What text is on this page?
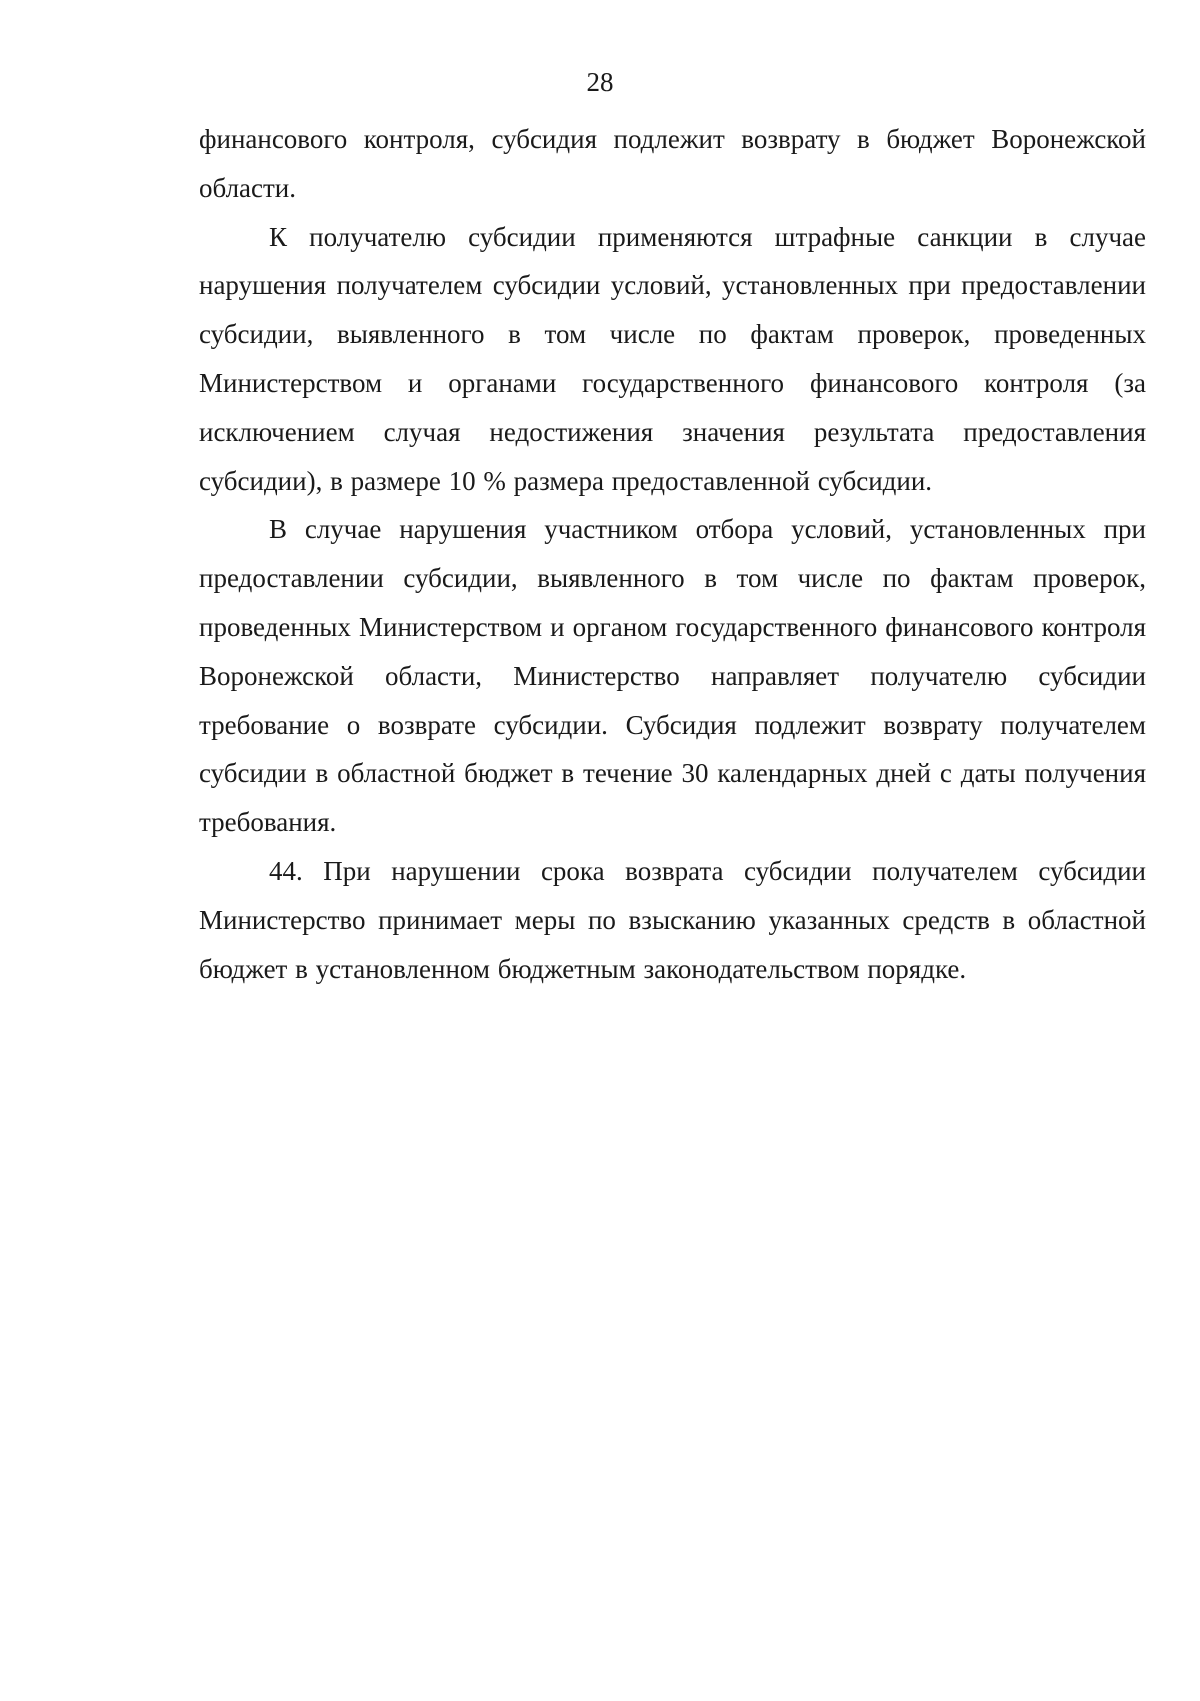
28

финансового контроля, субсидия подлежит возврату в бюджет Воронежской области.

К получателю субсидии применяются штрафные санкции в случае нарушения получателем субсидии условий, установленных при предоставлении субсидии, выявленного в том числе по фактам проверок, проведенных Министерством и органами государственного финансового контроля (за исключением случая недостижения значения результата предоставления субсидии), в размере 10 % размера предоставленной субсидии.

В случае нарушения участником отбора условий, установленных при предоставлении субсидии, выявленного в том числе по фактам проверок, проведенных Министерством и органом государственного финансового контроля Воронежской области, Министерство направляет получателю субсидии требование о возврате субсидии. Субсидия подлежит возврату получателем субсидии в областной бюджет в течение 30 календарных дней с даты получения требования.

44. При нарушении срока возврата субсидии получателем субсидии Министерство принимает меры по взысканию указанных средств в областной бюджет в установленном бюджетным законодательством порядке.
